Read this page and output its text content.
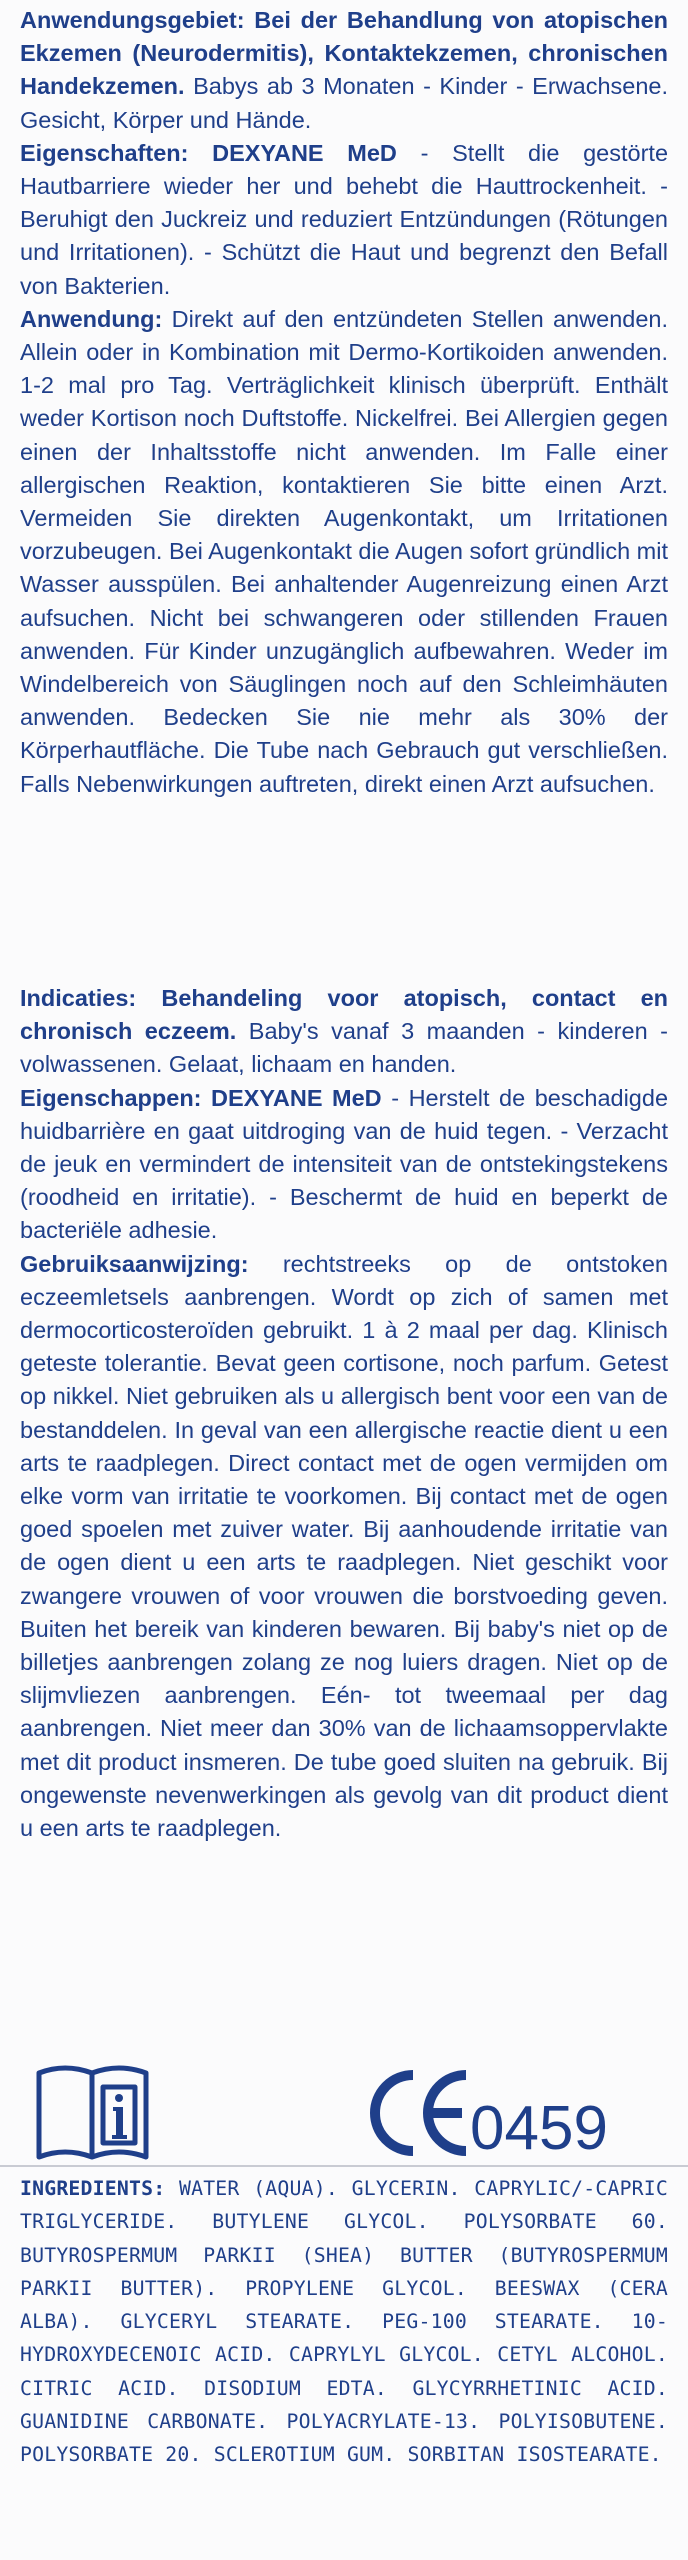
Anwendungsgebiet: Bei der Behandlung von atopischen Ekzemen (Neurodermitis), Kontaktekzemen, chronischen Handekzemen. Babys ab 3 Monaten - Kinder - Erwachsene. Gesicht, Körper und Hände.

Eigenschaften: DEXYANE MeD - Stellt die gestörte Hautbarriere wieder her und behebt die Hauttrockenheit. - Beruhigt den Juckreiz und reduziert Entzündungen (Rötungen und Irritationen). - Schützt die Haut und begrenzt den Befall von Bakterien.

Anwendung: Direkt auf den entzündeten Stellen anwenden. Allein oder in Kombination mit Dermo-Kortikoiden anwenden. 1-2 mal pro Tag. Verträglichkeit klinisch überprüft. Enthält weder Kortison noch Duftstoffe. Nickelfrei. Bei Allergien gegen einen der Inhaltsstoffe nicht anwenden. Im Falle einer allergischen Reaktion, kontaktieren Sie bitte einen Arzt. Vermeiden Sie direkten Augenkontakt, um Irritationen vorzubeugen. Bei Augenkontakt die Augen sofort gründlich mit Wasser ausspülen. Bei anhaltender Augenreizung einen Arzt aufsuchen. Nicht bei schwangeren oder stillenden Frauen anwenden. Für Kinder unzugänglich aufbewahren. Weder im Windelbereich von Säuglingen noch auf den Schleimhäuten anwenden. Bedecken Sie nie mehr als 30% der Körperhautfläche. Die Tube nach Gebrauch gut verschließen. Falls Nebenwirkungen auftreten, direkt einen Arzt aufsuchen.

Indicaties: Behandeling voor atopisch, contact en chronisch eczeem. Baby's vanaf 3 maanden - kinderen - volwassenen. Gelaat, lichaam en handen.

Eigenschappen: DEXYANE MeD - Herstelt de beschadigde huidbarrière en gaat uitdroging van de huid tegen. - Verzacht de jeuk en vermindert de intensiteit van de ontstekingstekens (roodheid en irritatie). - Beschermt de huid en beperkt de bacteriële adhesie.

Gebruiksaanwijzing: rechtstreeks op de ontstoken eczeemletsels aanbrengen. Wordt op zich of samen met dermocorticosteroïden gebruikt. 1 à 2 maal per dag. Klinisch geteste tolerantie. Bevat geen cortisone, noch parfum. Getest op nikkel. Niet gebruiken als u allergisch bent voor een van de bestanddelen. In geval van een allergische reactie dient u een arts te raadplegen. Direct contact met de ogen vermijden om elke vorm van irritatie te voorkomen. Bij contact met de ogen goed spoelen met zuiver water. Bij aanhoudende irritatie van de ogen dient u een arts te raadplegen. Niet geschikt voor zwangere vrouwen of voor vrouwen die borstvoeding geven. Buiten het bereik van kinderen bewaren. Bij baby's niet op de billetjes aanbrengen zolang ze nog luiers dragen. Niet op de slijmvliezen aanbrengen. Eén- tot tweemaal per dag aanbrengen. Niet meer dan 30% van de lichaamsoppervlakte met dit product insmeren. De tube goed sluiten na gebruik. Bij ongewenste nevenwerkingen als gevolg van dit product dient u een arts te raadplegen.

0459

INGREDIENTS: WATER (AQUA). GLYCERIN. CAPRYLIC/-CAPRIC TRIGLYCERIDE. BUTYLENE GLYCOL. POLYSORBATE 60. BUTYROSPERMUM PARKII (SHEA) BUTTER (BUTYROSPERMUM PARKII BUTTER). PROPYLENE GLYCOL. BEESWAX (CERA ALBA). GLYCERYL STEARATE. PEG-100 STEARATE. 10-HYDROXYDECENOIC ACID. CAPRYLYL GLYCOL. CETYL ALCOHOL. CITRIC ACID. DISODIUM EDTA. GLYCYRRHETINIC ACID. GUANIDINE CARBONATE. POLYACRYLATE-13. POLYISOBUTENE. POLYSORBATE 20. SCLEROTIUM GUM. SORBITAN ISOSTEARATE.
